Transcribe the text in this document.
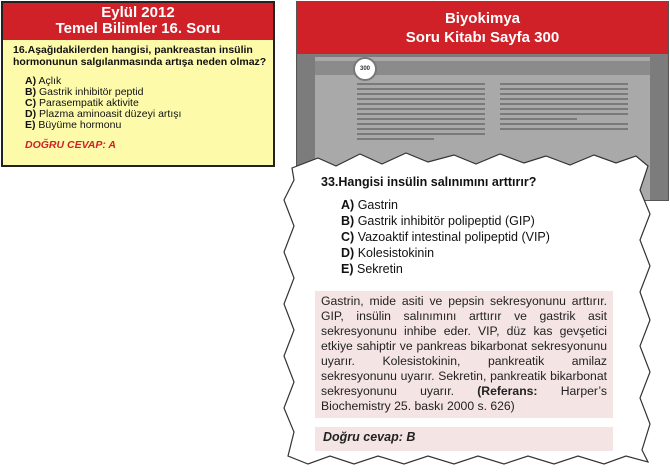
Eylül 2012
Temel Bilimler 16. Soru

16.Aşağıdakilerden hangisi, pankreastan insülin hormonunun salgılanmasında artışa neden olmaz?

A) Açlık
B) Gastrik inhibitör peptid
C) Parasempatik aktivite
D) Plazma aminoasit düzeyi artışı
E) Büyüme hormonu
DOĞRU CEVAP: A
Biyokimya
Soru Kitabı Sayfa 300
300

33.Hangisi insülin salınımını arttırır?

A) Gastrin
B) Gastrik inhibitör polipeptid (GIP)
C) Vazoaktif intestinal polipeptid (VIP)
D) Kolesistokinin
E) Sekretin

Gastrin, mide asiti ve pepsin sekresyonunu arttırır. GIP, insülin salınımını arttırır ve gastrik asit sekresyonunu inhibe eder. VIP, düz kas gevşetici etkiye sahiptir ve pankreas bikarbonat sekresyonunu uyarır. Kolesistokinin, pankreatik amilaz sekresyonunu uyarır. Sekretin, pankreatik bikarbonat sekresyonunu uyarır. (Referans: Harper’s Biochemistry 25. baskı 2000 s. 626)

Doğru cevap: B
